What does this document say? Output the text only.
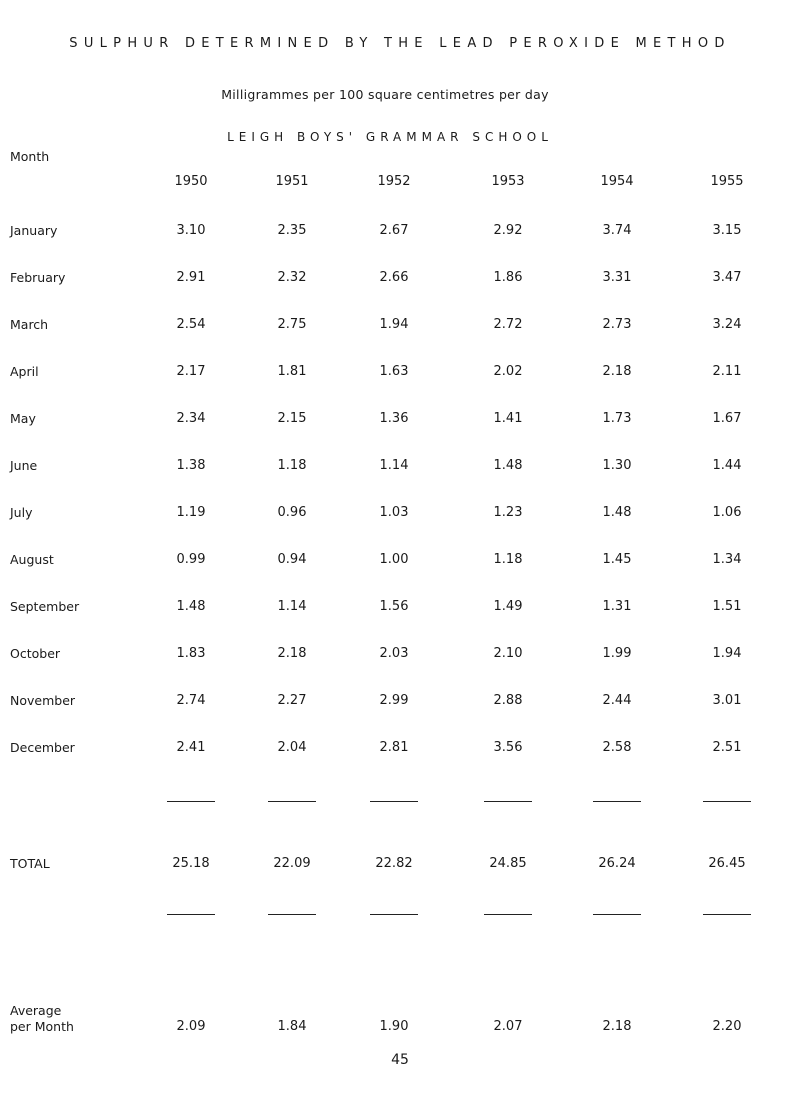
SULPHUR DETERMINED BY THE LEAD PEROXIDE METHOD
Milligrammes per 100 square centimetres per day
LEIGH BOYS' GRAMMAR SCHOOL
Month
1950	1951	1952	1953	1954	1955
January	3.10	2.35	2.67	2.92	3.74	3.15
February	2.91	2.32	2.66	1.86	3.31	3.47
March	2.54	2.75	1.94	2.72	2.73	3.24
April	2.17	1.81	1.63	2.02	2.18	2.11
May	2.34	2.15	1.36	1.41	1.73	1.67
June	1.38	1.18	1.14	1.48	1.30	1.44
July	1.19	0.96	1.03	1.23	1.48	1.06
August	0.99	0.94	1.00	1.18	1.45	1.34
September	1.48	1.14	1.56	1.49	1.31	1.51
October	1.83	2.18	2.03	2.10	1.99	1.94
November	2.74	2.27	2.99	2.88	2.44	3.01
December	2.41	2.04	2.81	3.56	2.58	2.51
TOTAL	25.18	22.09	22.82	24.85	26.24	26.45
Average
per Month	2.09	1.84	1.90	2.07	2.18	2.20
45
